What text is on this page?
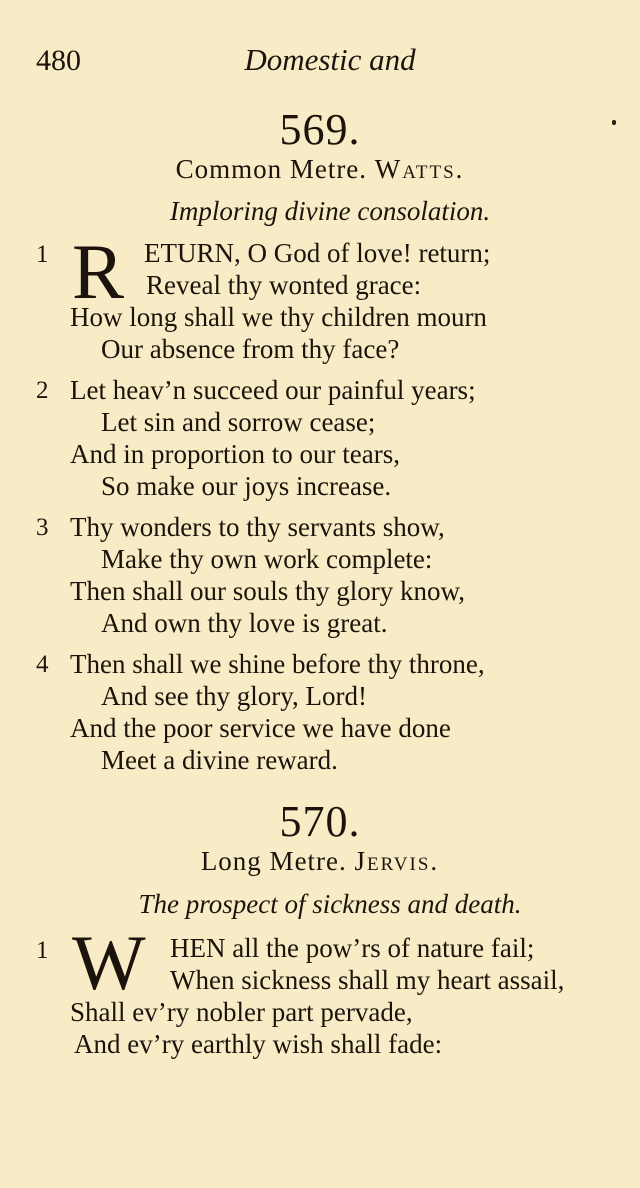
480	Domestic and
569.
Common Metre. Watts.
Imploring divine consolation.
1 R ETURN, O God of love! return;
Reveal thy wonted grace:
How long shall we thy children mourn
Our absence from thy face?
2 Let heav’n succeed our painful years;
Let sin and sorrow cease;
And in proportion to our tears,
So make our joys increase.
3 Thy wonders to thy servants show,
Make thy own work complete:
Then shall our souls thy glory know,
And own thy love is great.
4 Then shall we shine before thy throne,
And see thy glory, Lord!
And the poor service we have done
Meet a divine reward.
570.
Long Metre. Jervis.
The prospect of sickness and death.
1 W HEN all the pow’rs of nature fail;
When sickness shall my heart assail,
Shall ev’ry nobler part pervade,
And ev’ry earthly wish shall fade:
